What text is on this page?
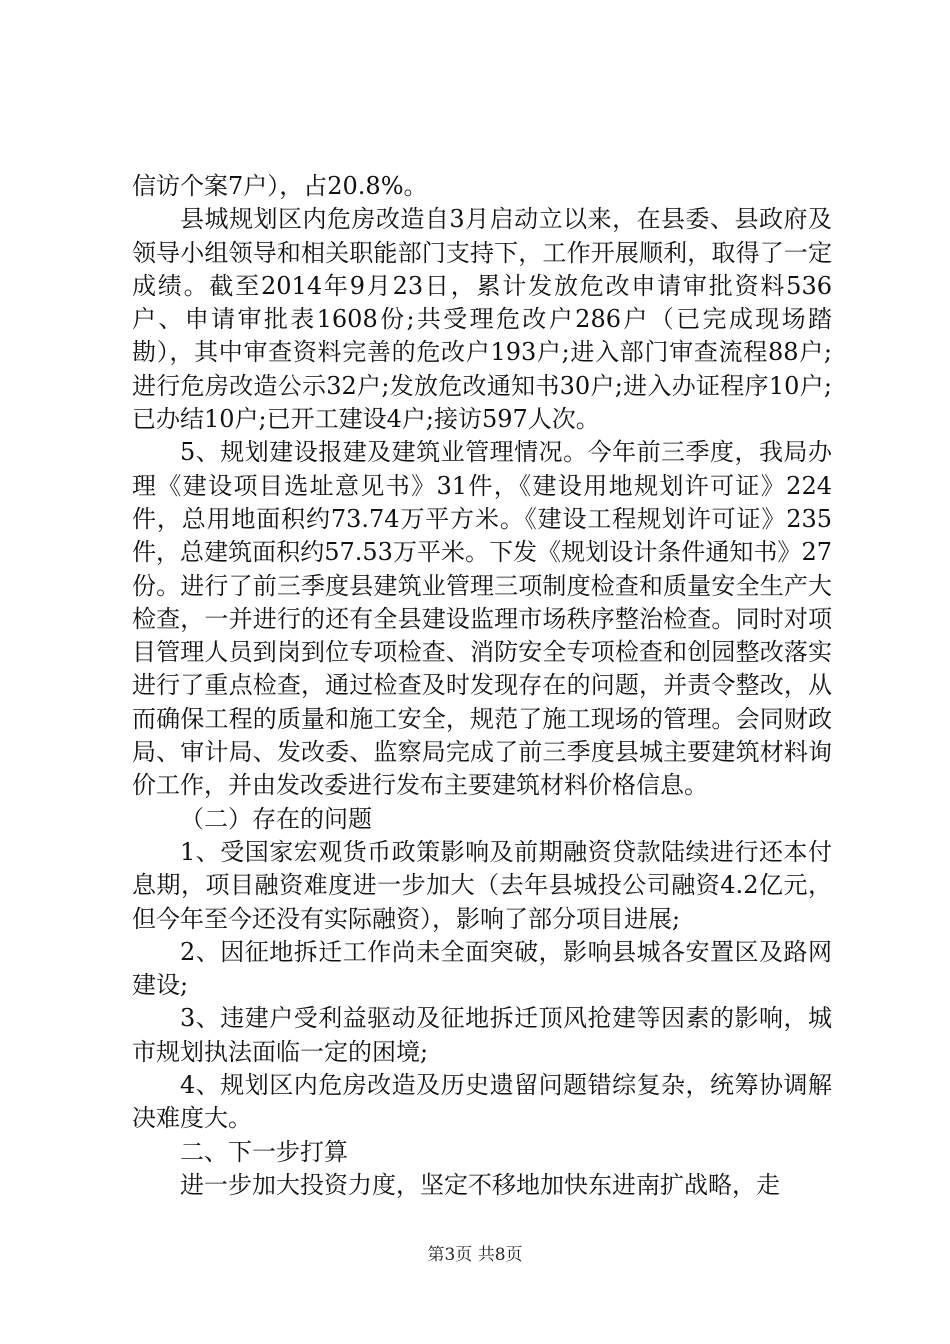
信访个案7户），占20.8%。

县城规划区内危房改造自3月启动立以来，在县委、县政府及领导小组领导和相关职能部门支持下，工作开展顺利，取得了一定成绩。截至2014年9月23日，累计发放危改申请审批资料536户、申请审批表1608份;共受理危改户286户（已完成现场踏勘），其中审查资料完善的危改户193户;进入部门审查流程88户;进行危房改造公示32户;发放危改通知书30户;进入办证程序10户;已办结10户;已开工建设4户;接访597人次。

5、规划建设报建及建筑业管理情况。今年前三季度，我局办理《建设项目选址意见书》31件，《建设用地规划许可证》224件，总用地面积约73.74万平方米。《建设工程规划许可证》235件，总建筑面积约57.53万平米。下发《规划设计条件通知书》27份。进行了前三季度县建筑业管理三项制度检查和质量安全生产大检查，一并进行的还有全县建设监理市场秩序整治检查。同时对项目管理人员到岗到位专项检查、消防安全专项检查和创园整改落实进行了重点检查，通过检查及时发现存在的问题，并责令整改，从而确保工程的质量和施工安全，规范了施工现场的管理。会同财政局、审计局、发改委、监察局完成了前三季度县城主要建筑材料询价工作，并由发改委进行发布主要建筑材料价格信息。

（二）存在的问题

1、受国家宏观货币政策影响及前期融资贷款陆续进行还本付息期，项目融资难度进一步加大（去年县城投公司融资4.2亿元，但今年至今还没有实际融资），影响了部分项目进展;

2、因征地拆迁工作尚未全面突破，影响县城各安置区及路网建设;

3、违建户受利益驱动及征地拆迁顶风抢建等因素的影响，城市规划执法面临一定的困境;

4、规划区内危房改造及历史遗留问题错综复杂，统筹协调解决难度大。

二、下一步打算

进一步加大投资力度，坚定不移地加快东进南扩战略，走

第3页 共8页
